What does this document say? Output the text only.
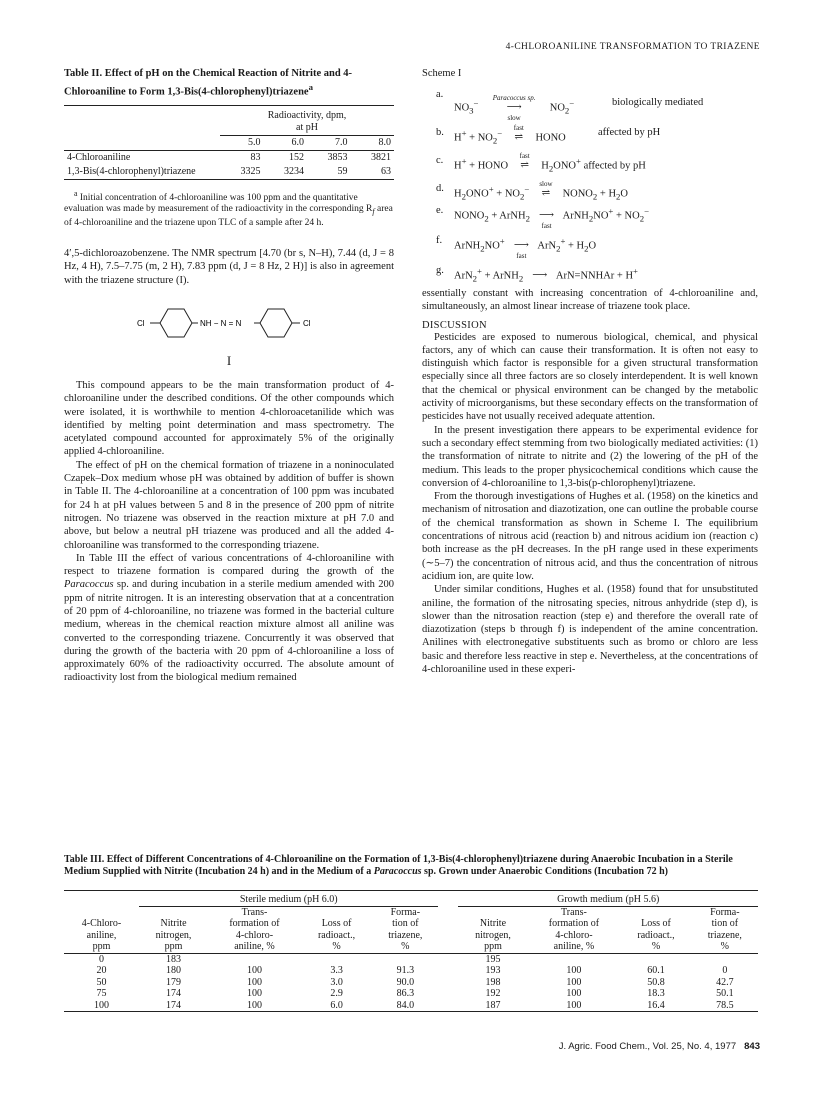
4-CHLOROANILINE TRANSFORMATION TO TRIAZENE
Table II. Effect of pH on the Chemical Reaction of Nitrite and 4-Chloroaniline to Form 1,3-Bis(4-chlorophenyl)triazene$^a$
	Radioactivity, dpm,
at pH			
	5.0	6.0	7.0	8.0
4-Chloroaniline	83	152	3853	3821
1,3-Bis(4-chlorophenyl)triazene	3325	3234	59	63

$^a$ Initial concentration of 4-chloroaniline was 100 ppm and the quantitative evaluation was made by measurement of the radioactivity in the corresponding $R_f$ area of 4-chloroaniline and the triazene upon TLC of a sample after 24 h.

4′,5-dichloroazobenzene. The NMR spectrum [4.70 (br s, N–H), 7.44 (d, J = 8 Hz, 4 H), 7.5–7.75 (m, 2 H), 7.83 ppm (d, J = 8 Hz, 2 H)] is also in agreement with the triazene structure (I).

Cl	NH − N = N	Cl
I

This compound appears to be the main transformation product of 4-chloroaniline under the described conditions. Of the other compounds which were isolated, it is worthwhile to mention 4-chloroacetanilide which was identified by melting point determination and mass spectrometry. The acetylated compound accounted for approximately 5% of the originally applied 4-chloroaniline.

The effect of pH on the chemical formation of triazene in a noninoculated Czapek–Dox medium whose pH was obtained by addition of buffer is shown in Table II. The 4-chloroaniline at a concentration of 100 ppm was incubated for 24 h at pH values between 5 and 8 in the presence of 200 ppm of nitrite nitrogen. No triazene was observed in the reaction mixture at pH 7.0 and above, but below a neutral pH triazene was produced and all the added 4-chloroaniline was transformed to the corresponding triazene.

In Table III the effect of various concentrations of 4-chloroaniline with respect to triazene formation is compared during the growth of the Paracoccus sp. and during incubation in a sterile medium amended with 200 ppm of nitrite nitrogen. It is an interesting observation that at a concentration of 20 ppm of 4-chloroaniline, no triazene was formed in the bacterial culture medium, whereas in the chemical reaction mixture almost all aniline was converted to the corresponding triazene. Concurrently it was observed that during the growth of the bacteria with 20 ppm of 4-chloroaniline a loss of approximately 60% of the radioactivity occurred. The absolute amount of radioactivity lost from the biological medium remained

Scheme I
a.
$NO_3^-$	Paracoccus sp.
⟶
slow
$NO_2^-$	biologically mediated
b. $H^+ + NO_2^-$	fast
⇌ HONO	affected by pH
c. H+ + HONO
fast
⇌ $H_2ONO^+$ affected by pH
d. $H_2ONO^+ + NO_2^-$	slow
⇌ $NONO_2 + H_2O$
e. $NONO_2$ + ArNH$_2$ ⟶
fast
ArNH$_2$NO+ + $NO_2^-$
f. ArNH$_2$NO+ ⟶
fast
$ArN_2^+ + H_2O$
g. ArN$_2$+ + ArNH$_2$ ⟶ ArN=NNHAr + H+

essentially constant with increasing concentration of 4-chloroaniline and, simultaneously, an almost linear increase of triazene took place.

DISCUSSION

Pesticides are exposed to numerous biological, chemical, and physical factors, any of which can cause their transformation. It is often not easy to distinguish which factor is responsible for a given structural transformation especially since all three factors are so closely interdependent. It is well known that the chemical or physical environment can be changed by the metabolic activity of microorganisms, but these secondary effects on the transformation of pesticides have not usually received adequate attention.

In the present investigation there appears to be experimental evidence for such a secondary effect stemming from two biologically mediated activities: (1) the transformation of nitrate to nitrite and (2) the lowering of the pH of the medium. This leads to the proper physicochemical conditions which cause the conversion of 4-chloroaniline to 1,3-bis(p-chlorophenyl)triazene.

From the thorough investigations of Hughes et al. (1958) on the kinetics and mechanism of nitrosation and diazotization, one can outline the probable course of the chemical transformation as shown in Scheme I. The equilibrium concentrations of nitrous acid (reaction b) and nitrous acidium ion (reaction c) both increase as the pH decreases. In the pH range used in these experiments (∼5–7) the concentration of nitrous acid, and thus the concentration of nitrous acidium ion, are quite low.

Under similar conditions, Hughes et al. (1958) found that for unsubstituted aniline, the formation of the nitrosating species, nitrous anhydride (step d), is slower than the nitrosation reaction (step e) and therefore the overall rate of diazotization (steps b through f) is independent of the amine concentration. Anilines with electronegative substituents such as bromo or chloro are less basic and therefore less reactive in step e. Nevertheless, at the concentrations of 4-chloroaniline used in these experi-

Table III. Effect of Different Concentrations of 4-Chloroaniline on the Formation of 1,3-Bis(4-chlorophenyl)triazene during Anaerobic Incubation in a Sterile Medium Supplied with Nitrite (Incubation 24 h) and in the Medium of a Paracoccus sp. Grown under Anaerobic Conditions (Incubation 72 h)
	Sterile medium (pH 6.0)					Growth medium (pH 5.6)			
4-Chloro-
aniline,
ppm	Nitrite
nitrogen,
ppm	Trans-
formation of
4-chloro-
aniline, %	Loss of
radioact.,
%	Forma-
tion of
triazene,
%		Nitrite
nitrogen,
ppm	Trans-
formation of
4-chloro-
aniline, %	Loss of
radioact.,
%	Forma-
tion of
triazene,
%
0	183					195			
20	180	100	3.3	91.3		193	100	60.1	0
50	179	100	3.0	90.0		198	100	50.8	42.7
75	174	100	2.9	86.3		192	100	18.3	50.1
100	174	100	6.0	84.0		187	100	16.4	78.5
J. Agric. Food Chem., Vol. 25, No. 4, 1977 843
